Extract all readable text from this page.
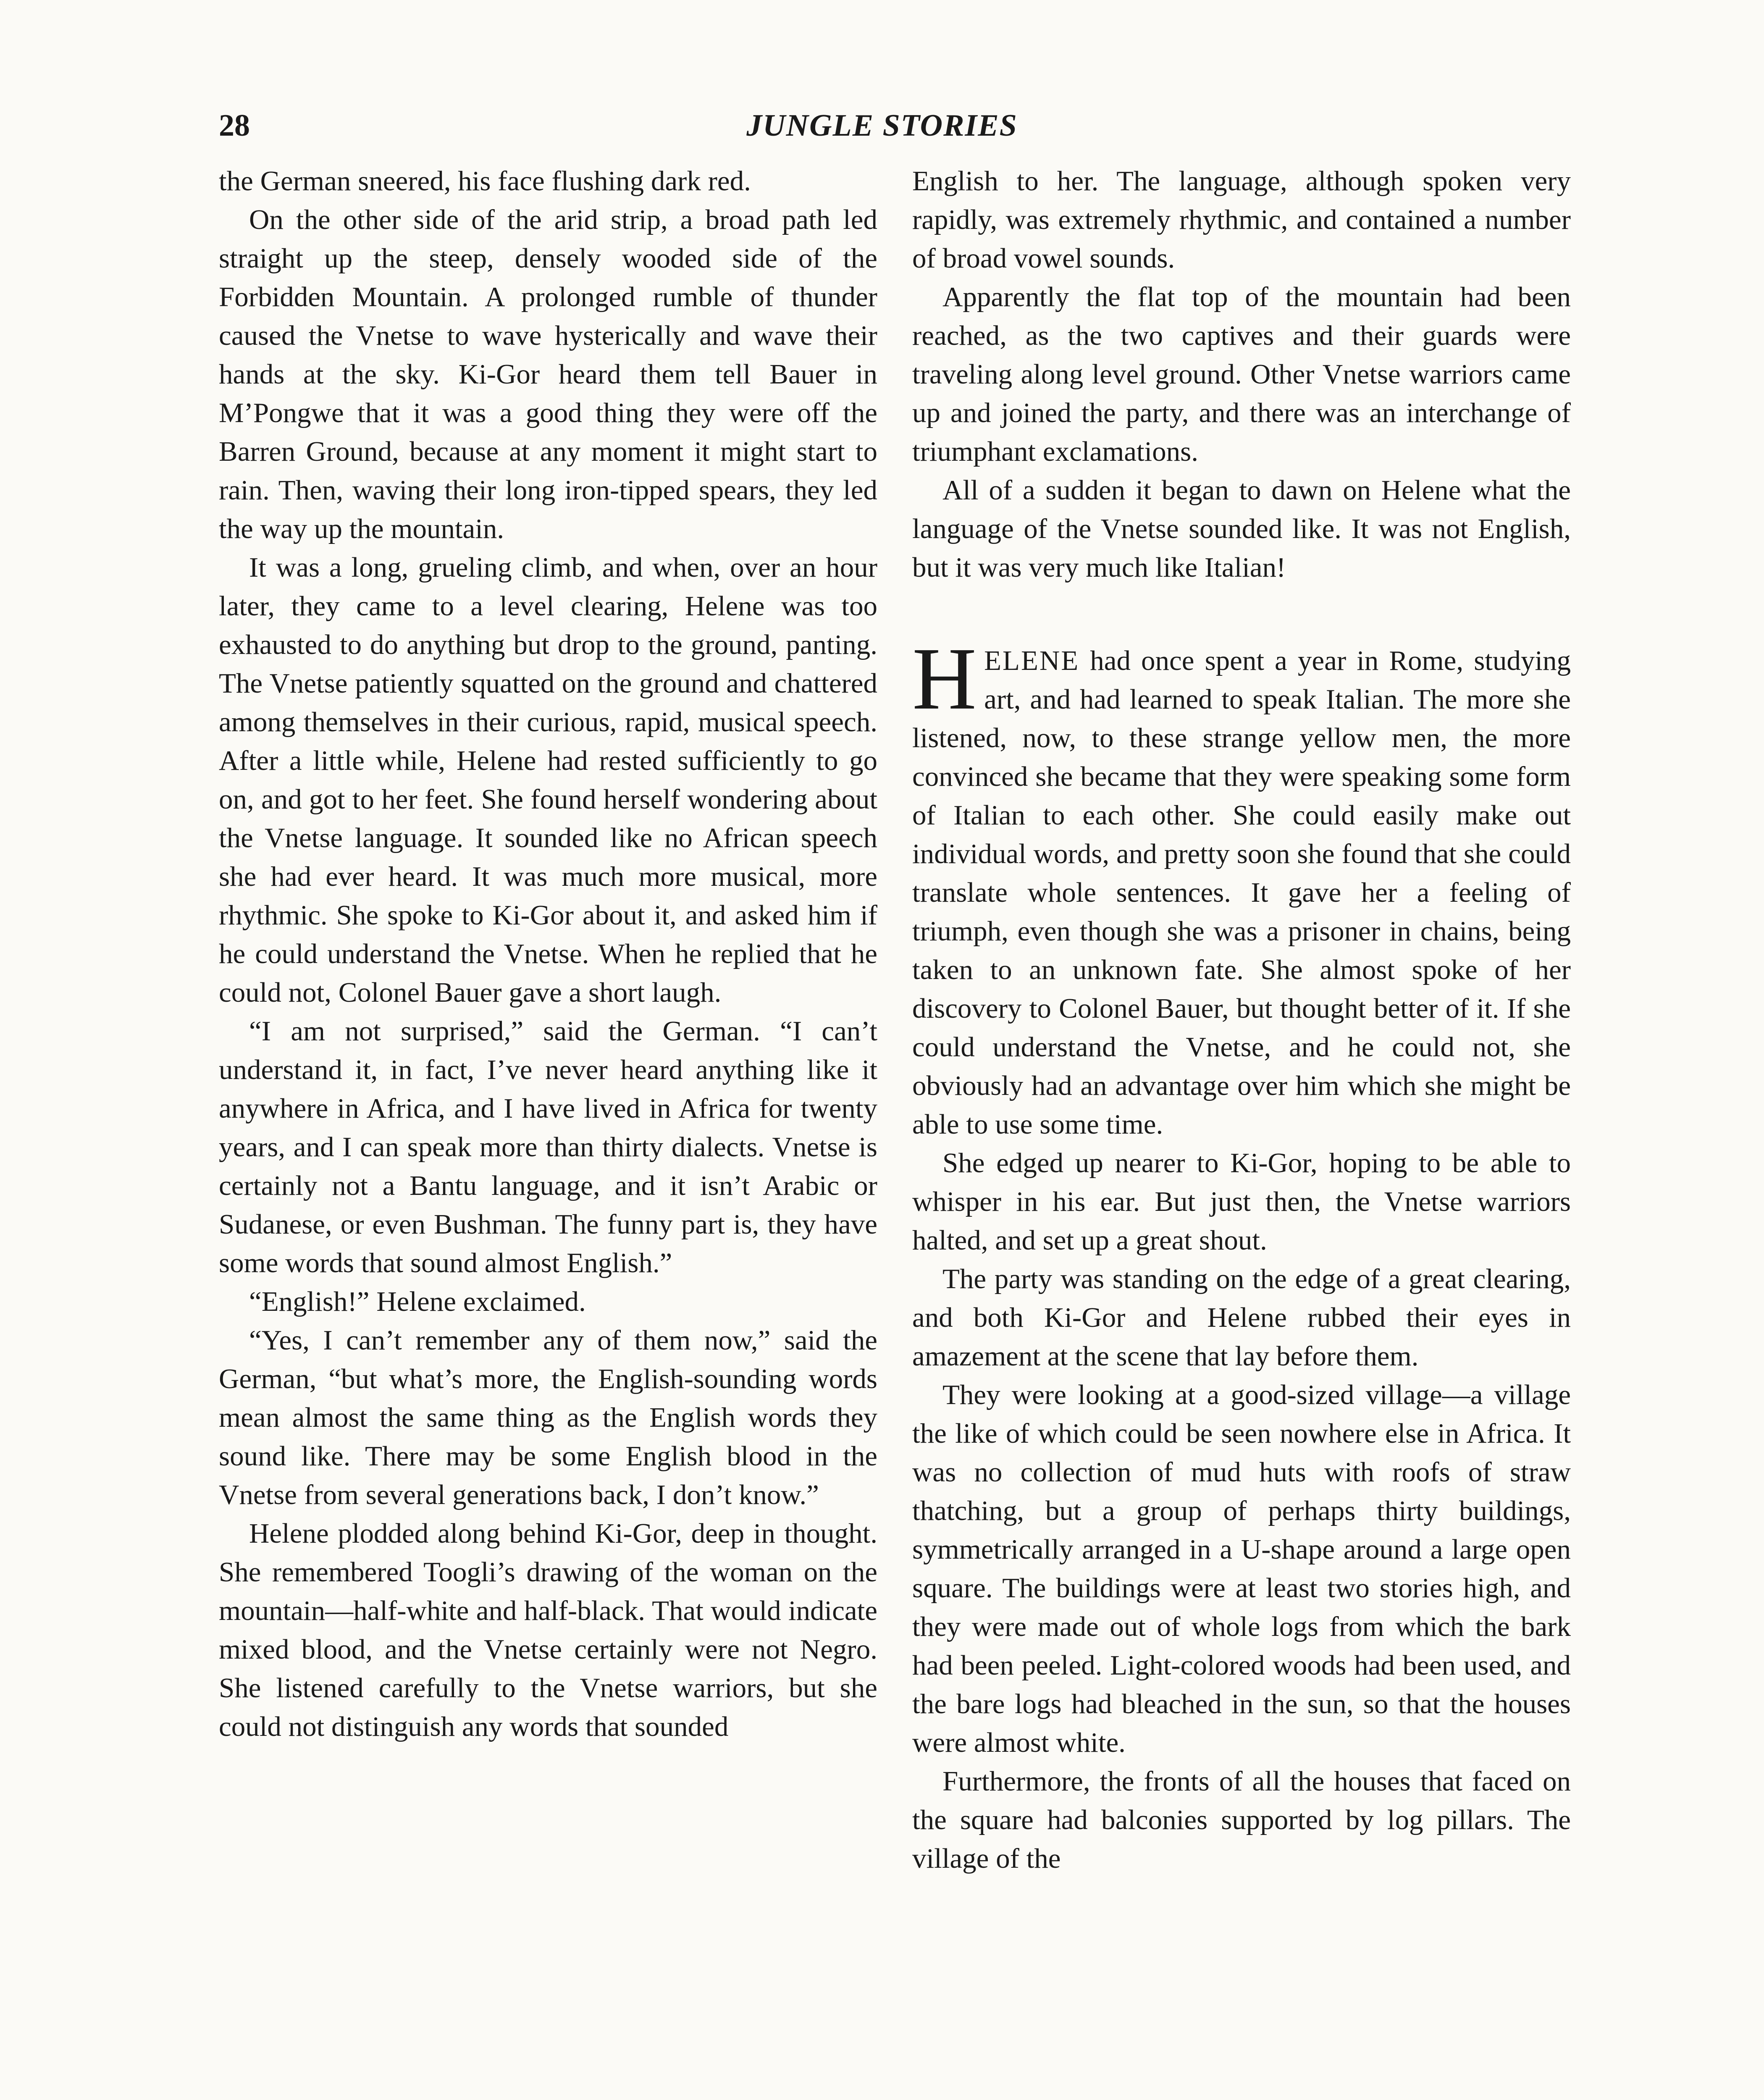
28	JUNGLE STORIES

the German sneered, his face flushing dark red.

On the other side of the arid strip, a broad path led straight up the steep, densely wooded side of the Forbidden Mountain. A prolonged rumble of thunder caused the Vnetse to wave hysterically and wave their hands at the sky. Ki-Gor heard them tell Bauer in M’Pongwe that it was a good thing they were off the Barren Ground, because at any moment it might start to rain. Then, waving their long iron-tipped spears, they led the way up the mountain.

It was a long, grueling climb, and when, over an hour later, they came to a level clearing, Helene was too exhausted to do anything but drop to the ground, panting. The Vnetse patiently squatted on the ground and chattered among themselves in their curious, rapid, musical speech. After a little while, Helene had rested sufficiently to go on, and got to her feet. She found herself wondering about the Vnetse language. It sounded like no African speech she had ever heard. It was much more musical, more rhythmic. She spoke to Ki-Gor about it, and asked him if he could understand the Vnetse. When he replied that he could not, Colonel Bauer gave a short laugh.

“I am not surprised,” said the German. “I can’t understand it, in fact, I’ve never heard anything like it anywhere in Africa, and I have lived in Africa for twenty years, and I can speak more than thirty dialects. Vnetse is certainly not a Bantu language, and it isn’t Arabic or Sudanese, or even Bushman. The funny part is, they have some words that sound almost English.”

“English!” Helene exclaimed.

“Yes, I can’t remember any of them now,” said the German, “but what’s more, the English-sounding words mean almost the same thing as the English words they sound like. There may be some English blood in the Vnetse from several generations back, I don’t know.”

Helene plodded along behind Ki-Gor, deep in thought. She remembered Toogli’s drawing of the woman on the mountain—half-white and half-black. That would indicate mixed blood, and the Vnetse certainly were not Negro. She listened carefully to the Vnetse warriors, but she could not distinguish any words that sounded

English to her. The language, although spoken very rapidly, was extremely rhythmic, and contained a number of broad vowel sounds.

Apparently the flat top of the mountain had been reached, as the two captives and their guards were traveling along level ground. Other Vnetse warriors came up and joined the party, and there was an interchange of triumphant exclamations.

All of a sudden it began to dawn on Helene what the language of the Vnetse sounded like. It was not English, but it was very much like Italian!

HELENE had once spent a year in Rome, studying art, and had learned to speak Italian. The more she listened, now, to these strange yellow men, the more convinced she became that they were speaking some form of Italian to each other. She could easily make out individual words, and pretty soon she found that she could translate whole sentences. It gave her a feeling of triumph, even though she was a prisoner in chains, being taken to an unknown fate. She almost spoke of her discovery to Colonel Bauer, but thought better of it. If she could understand the Vnetse, and he could not, she obviously had an advantage over him which she might be able to use some time.

She edged up nearer to Ki-Gor, hoping to be able to whisper in his ear. But just then, the Vnetse warriors halted, and set up a great shout.

The party was standing on the edge of a great clearing, and both Ki-Gor and Helene rubbed their eyes in amazement at the scene that lay before them.

They were looking at a good-sized village—a village the like of which could be seen nowhere else in Africa. It was no collection of mud huts with roofs of straw thatching, but a group of perhaps thirty buildings, symmetrically arranged in a U-shape around a large open square. The buildings were at least two stories high, and they were made out of whole logs from which the bark had been peeled. Light-colored woods had been used, and the bare logs had bleached in the sun, so that the houses were almost white.

Furthermore, the fronts of all the houses that faced on the square had balconies supported by log pillars. The village of the
